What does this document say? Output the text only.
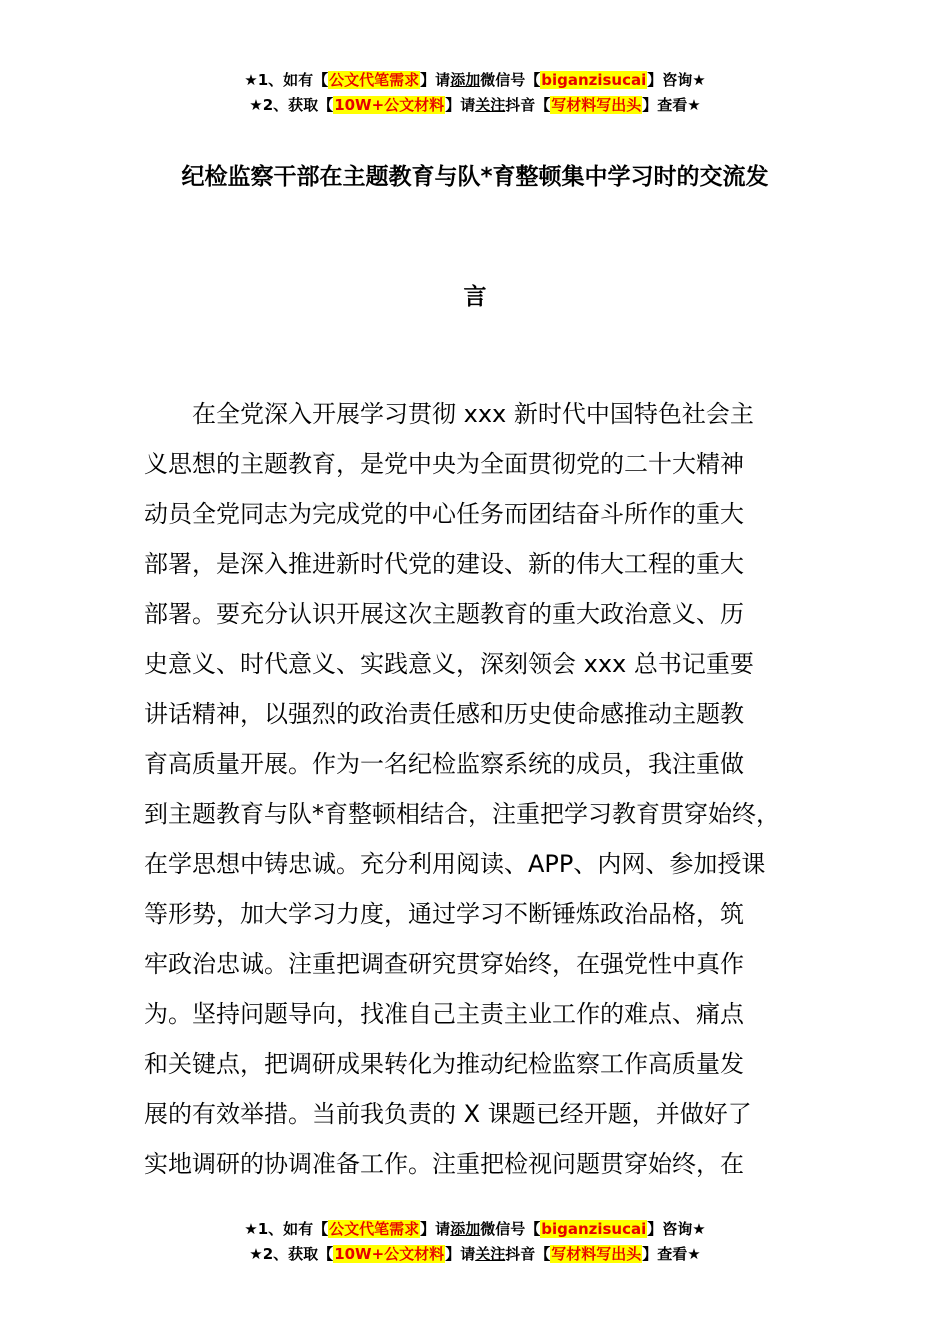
★1、如有【公文代笔需求】请添加微信号【biganzisucai】咨询★
★2、获取【10W+公文材料】请关注抖音【写材料写出头】查看★
纪检监察干部在主题教育与队*育整顿集中学习时的交流发
言
　　在全党深入开展学习贯彻 xxx 新时代中国特色社会主
义思想的主题教育，是党中央为全面贯彻党的二十大精神
动员全党同志为完成党的中心任务而团结奋斗所作的重大
部署，是深入推进新时代党的建设、新的伟大工程的重大
部署。要充分认识开展这次主题教育的重大政治意义、历
史意义、时代意义、实践意义，深刻领会 xxx 总书记重要
讲话精神，以强烈的政治责任感和历史使命感推动主题教
育高质量开展。作为一名纪检监察系统的成员，我注重做
到主题教育与队*育整顿相结合，注重把学习教育贯穿始终，
在学思想中铸忠诚。充分利用阅读、APP、内网、参加授课
等形势，加大学习力度，通过学习不断锤炼政治品格，筑
牢政治忠诚。注重把调查研究贯穿始终，在强党性中真作
为。坚持问题导向，找准自己主责主业工作的难点、痛点
和关键点，把调研成果转化为推动纪检监察工作高质量发
展的有效举措。当前我负责的 X 课题已经开题，并做好了
实地调研的协调准备工作。注重把检视问题贯穿始终，在
★1、如有【公文代笔需求】请添加微信号【biganzisucai】咨询★
★2、获取【10W+公文材料】请关注抖音【写材料写出头】查看★
